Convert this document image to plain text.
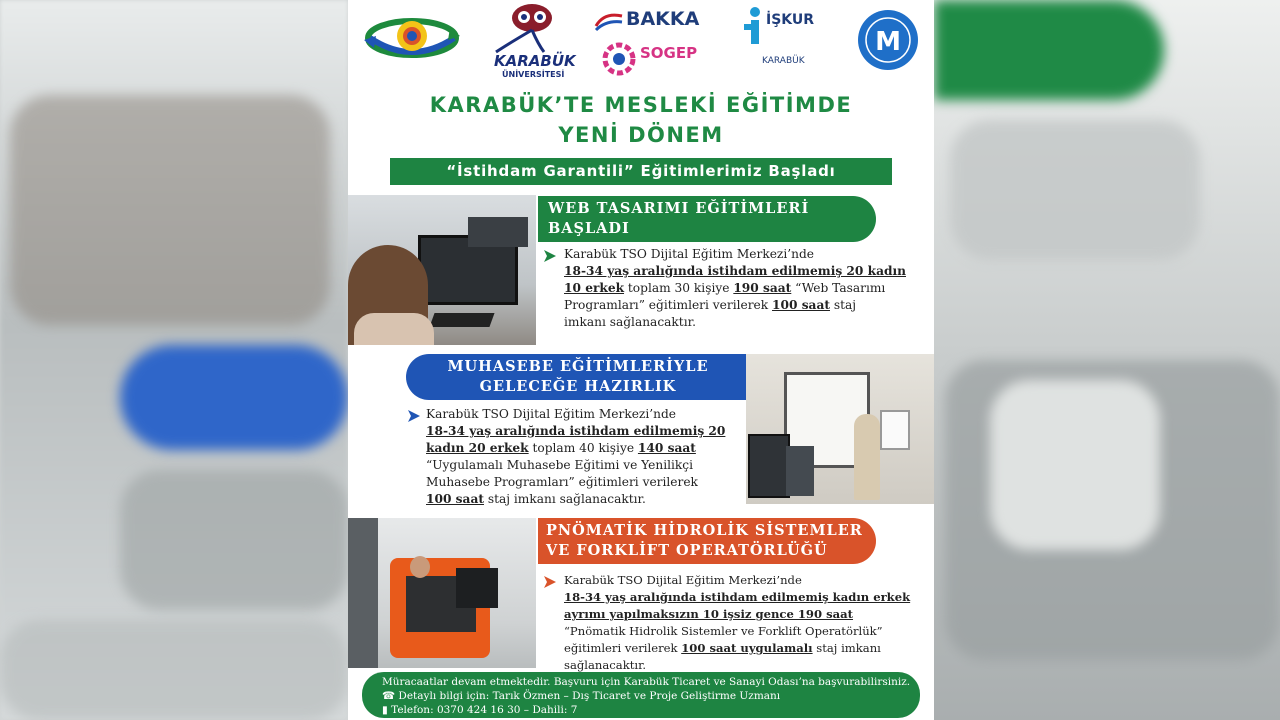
KARABÜK
ÜNİVERSİTESİ
BAKKA
SOGEP
İŞKUR
KARABÜK
M
KARABÜK’TE MESLEKİ EĞİTİMDE
YENİ DÖNEM
“İstihdam Garantili” Eğitimlerimiz Başladı
WEB TASARIMI EĞİTİMLERİ
BAŞLADI
Karabük TSO Dijital Eğitim Merkezi’nde
18-34 yaş aralığında istihdam edilmemiş 20 kadın
10 erkek toplam 30 kişiye 190 saat “Web Tasarımı
Programları” eğitimleri verilerek 100 saat staj
imkanı sağlanacaktır.
MUHASEBE EĞİTİMLERİYLE
GELECEĞE HAZIRLIK
Karabük TSO Dijital Eğitim Merkezi’nde
18-34 yaş aralığında istihdam edilmemiş 20
kadın 20 erkek toplam 40 kişiye 140 saat
“Uygulamalı Muhasebe Eğitimi ve Yenilikçi
Muhasebe Programları” eğitimleri verilerek
100 saat staj imkanı sağlanacaktır.
PNÖMATİK HİDROLİK SİSTEMLER
VE FORKLİFT OPERATÖRLÜĞÜ
Karabük TSO Dijital Eğitim Merkezi’nde
18-34 yaş aralığında istihdam edilmemiş kadın erkek
ayrımı yapılmaksızın 10 işsiz gence 190 saat
“Pnömatik Hidrolik Sistemler ve Forklift Operatörlük”
eğitimleri verilerek 100 saat uygulamalı staj imkanı
sağlanacaktır.
Müracaatlar devam etmektedir. Başvuru için Karabük Ticaret ve Sanayi Odası’na başvurabilirsiniz.
☎ Detaylı bilgi için: Tarık Özmen – Dış Ticaret ve Proje Geliştirme Uzmanı
▮ Telefon: 0370 424 16 30 – Dahili: 7
